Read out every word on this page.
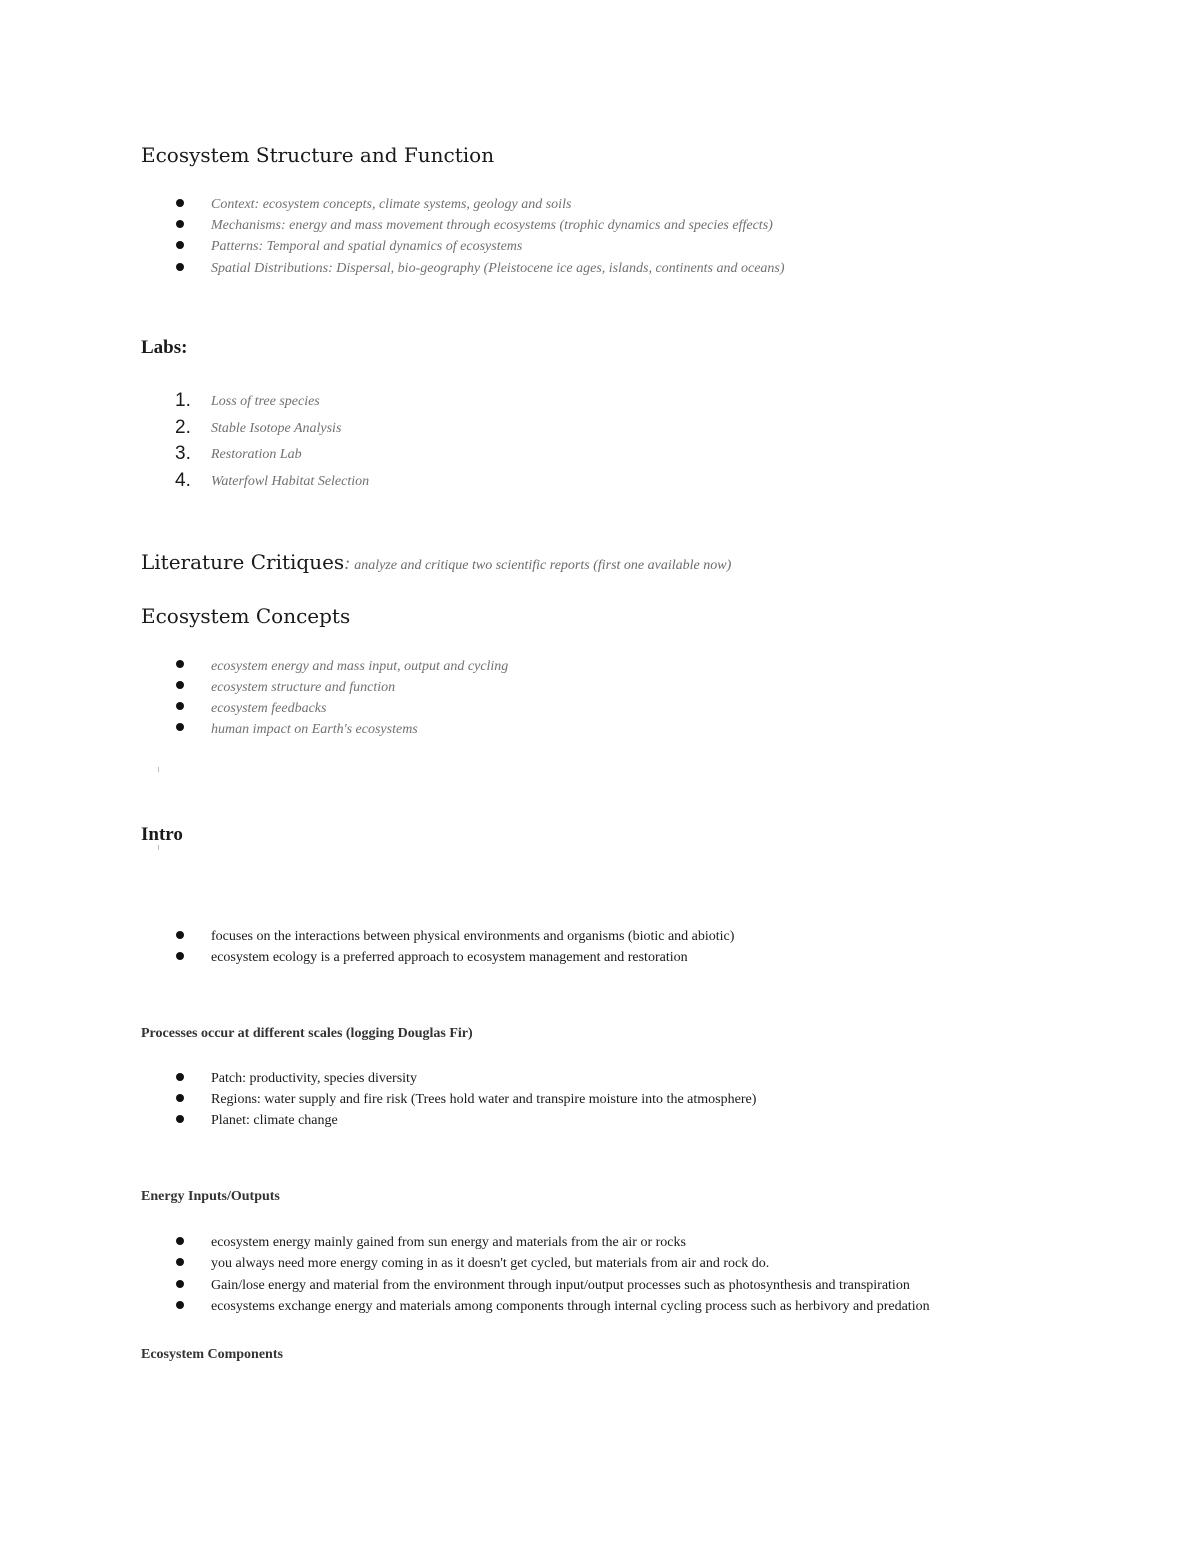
Ecosystem Structure and Function
Context: ecosystem concepts, climate systems, geology and soils
Mechanisms: energy and mass movement through ecosystems (trophic dynamics and species effects)
Patterns: Temporal and spatial dynamics of ecosystems
Spatial Distributions: Dispersal, bio-geography (Pleistocene ice ages, islands, continents and oceans)
Labs:
1. Loss of tree species
2. Stable Isotope Analysis
3. Restoration Lab
4. Waterfowl Habitat Selection
Literature Critiques: analyze and critique two scientific reports (first one available now)
Ecosystem Concepts
ecosystem energy and mass input, output and cycling
ecosystem structure and function
ecosystem feedbacks
human impact on Earth's ecosystems
Intro
focuses on the interactions between physical environments and organisms (biotic and abiotic)
ecosystem ecology is a preferred approach to ecosystem management and restoration
Processes occur at different scales (logging Douglas Fir)
Patch: productivity, species diversity
Regions: water supply and fire risk (Trees hold water and transpire moisture into the atmosphere)
Planet: climate change
Energy Inputs/Outputs
ecosystem energy mainly gained from sun energy and materials from the air or rocks
you always need more energy coming in as it doesn't get cycled, but materials from air and rock do.
Gain/lose energy and material from the environment through input/output processes such as photosynthesis and transpiration
ecosystems exchange energy and materials among components through internal cycling process such as herbivory and predation
Ecosystem Components
